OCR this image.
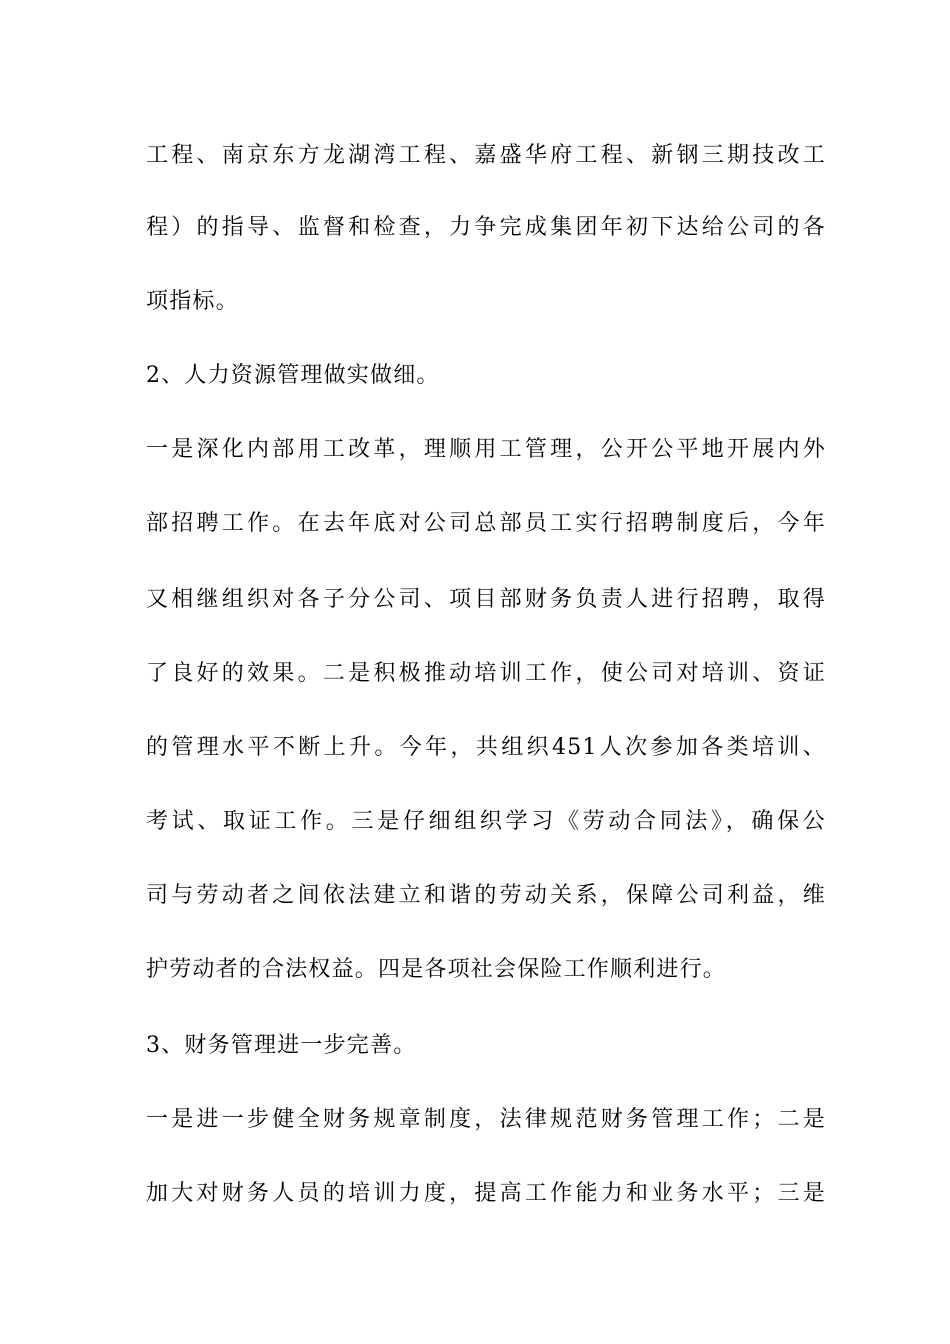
工程、南京东方龙湖湾工程、嘉盛华府工程、新钢三期技改工
程）的指导、监督和检查，力争完成集团年初下达给公司的各
项指标。
2、人力资源管理做实做细。
一是深化内部用工改革，理顺用工管理，公开公平地开展内外
部招聘工作。在去年底对公司总部员工实行招聘制度后，今年
又相继组织对各子分公司、项目部财务负责人进行招聘，取得
了良好的效果。二是积极推动培训工作，使公司对培训、资证
的管理水平不断上升。今年，共组织451人次参加各类培训、
考试、取证工作。三是仔细组织学习《劳动合同法》，确保公
司与劳动者之间依法建立和谐的劳动关系，保障公司利益，维
护劳动者的合法权益。四是各项社会保险工作顺利进行。
3、财务管理进一步完善。
一是进一步健全财务规章制度，法律规范财务管理工作；二是
加大对财务人员的培训力度，提高工作能力和业务水平；三是
